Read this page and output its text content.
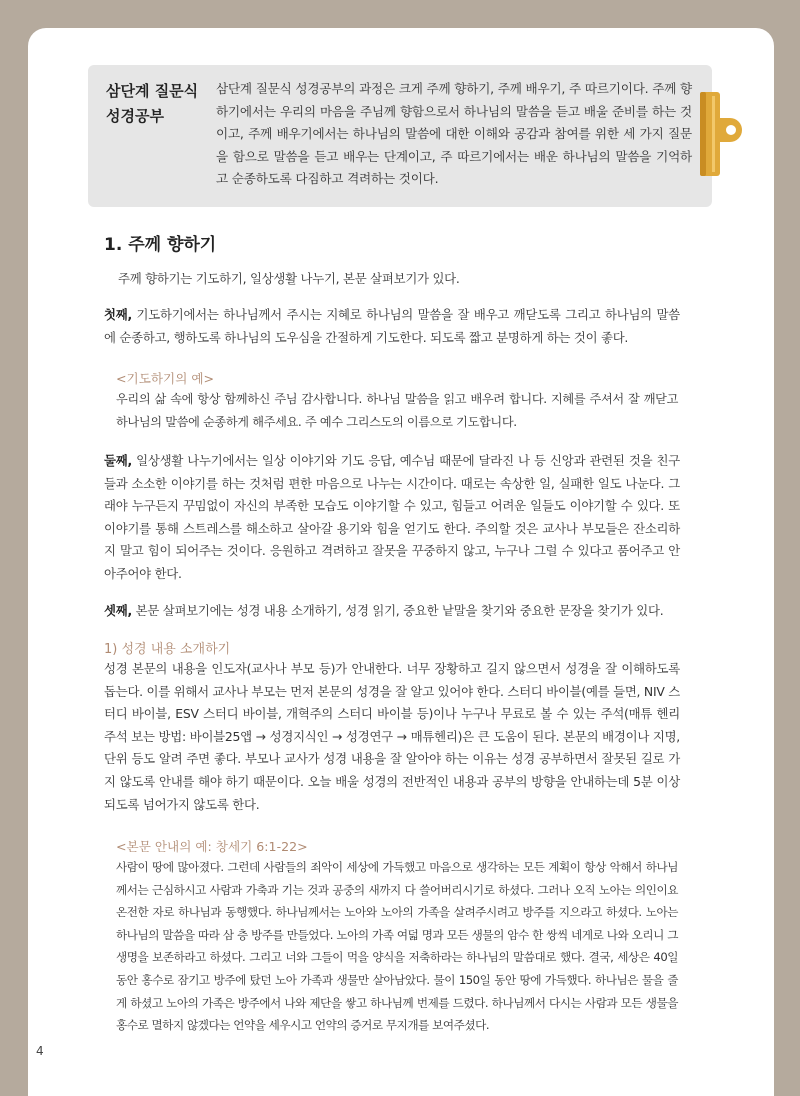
삼단계 질문식
성경공부
삼단계 질문식 성경공부의 과정은 크게 주께 향하기, 주께 배우기, 주 따르기이다. 주께 향하기에서는 우리의 마음을 주님께 향함으로서 하나님의 말씀을 듣고 배울 준비를 하는 것이고, 주께 배우기에서는 하나님의 말씀에 대한 이해와 공감과 참여를 위한 세 가지 질문을 함으로 말씀을 듣고 배우는 단계이고, 주 따르기에서는 배운 하나님의 말씀을 기억하고 순종하도록 다짐하고 격려하는 것이다.
1. 주께 향하기
주께 향하기는 기도하기, 일상생활 나누기, 본문 살펴보기가 있다.
첫째, 기도하기에서는 하나님께서 주시는 지혜로 하나님의 말씀을 잘 배우고 깨닫도록 그리고 하나님의 말씀에 순종하고, 행하도록 하나님의 도우심을 간절하게 기도한다. 되도록 짧고 분명하게 하는 것이 좋다.
<기도하기의 예>
우리의 삶 속에 항상 함께하신 주님 감사합니다. 하나님 말씀을 읽고 배우려 합니다. 지혜를 주셔서 잘 깨닫고 하나님의 말씀에 순종하게 해주세요. 주 예수 그리스도의 이름으로 기도합니다.
둘째, 일상생활 나누기에서는 일상 이야기와 기도 응답, 예수님 때문에 달라진 나 등 신앙과 관련된 것을 친구들과 소소한 이야기를 하는 것처럼 편한 마음으로 나누는 시간이다. 때로는 속상한 일, 실패한 일도 나눈다. 그래야 누구든지 꾸밈없이 자신의 부족한 모습도 이야기할 수 있고, 힘들고 어려운 일들도 이야기할 수 있다. 또 이야기를 통해 스트레스를 해소하고 살아갈 용기와 힘을 얻기도 한다. 주의할 것은 교사나 부모들은 잔소리하지 말고 힘이 되어주는 것이다. 응원하고 격려하고 잘못을 꾸중하지 않고, 누구나 그럴 수 있다고 품어주고 안아주어야 한다.
셋째, 본문 살펴보기에는 성경 내용 소개하기, 성경 읽기, 중요한 낱말을 찾기와 중요한 문장을 찾기가 있다.
1) 성경 내용 소개하기
성경 본문의 내용을 인도자(교사나 부모 등)가 안내한다. 너무 장황하고 길지 않으면서 성경을 잘 이해하도록 돕는다. 이를 위해서 교사나 부모는 먼저 본문의 성경을 잘 알고 있어야 한다. 스터디 바이블(예를 들면, NIV 스터디 바이블, ESV 스터디 바이블, 개혁주의 스터디 바이블 등)이나 누구나 무료로 볼 수 있는 주석(매튜 헨리 주석 보는 방법: 바이블25앱 → 성경지식인 → 성경연구 → 매튜헨리)은 큰 도움이 된다. 본문의 배경이나 지명, 단위 등도 알려 주면 좋다. 부모나 교사가 성경 내용을 잘 알아야 하는 이유는 성경 공부하면서 잘못된 길로 가지 않도록 안내를 해야 하기 때문이다. 오늘 배울 성경의 전반적인 내용과 공부의 방향을 안내하는데 5분 이상 되도록 넘어가지 않도록 한다.
<본문 안내의 예: 창세기 6:1-22>
사람이 땅에 많아졌다. 그런데 사람들의 죄악이 세상에 가득했고 마음으로 생각하는 모든 계획이 항상 악해서 하나님께서는 근심하시고 사람과 가축과 기는 것과 공중의 새까지 다 쓸어버리시기로 하셨다. 그러나 오직 노아는 의인이요 온전한 자로 하나님과 동행했다. 하나님께서는 노아와 노아의 가족을 살려주시려고 방주를 지으라고 하셨다. 노아는 하나님의 말씀을 따라 삼 층 방주를 만들었다. 노아의 가족 여덟 명과 모든 생물의 암수 한 쌍씩 네게로 나와 오리니 그 생명을 보존하라고 하셨다. 그리고 너와 그들이 먹을 양식을 저축하라는 하나님의 말씀대로 했다. 결국, 세상은 40일 동안 홍수로 잠기고 방주에 탔던 노아 가족과 생물만 살아남았다. 물이 150일 동안 땅에 가득했다. 하나님은 물을 줄게 하셨고 노아의 가족은 방주에서 나와 제단을 쌓고 하나님께 번제를 드렸다. 하나님께서 다시는 사람과 모든 생물을 홍수로 멸하지 않겠다는 언약을 세우시고 언약의 증거로 무지개를 보여주셨다.
4
